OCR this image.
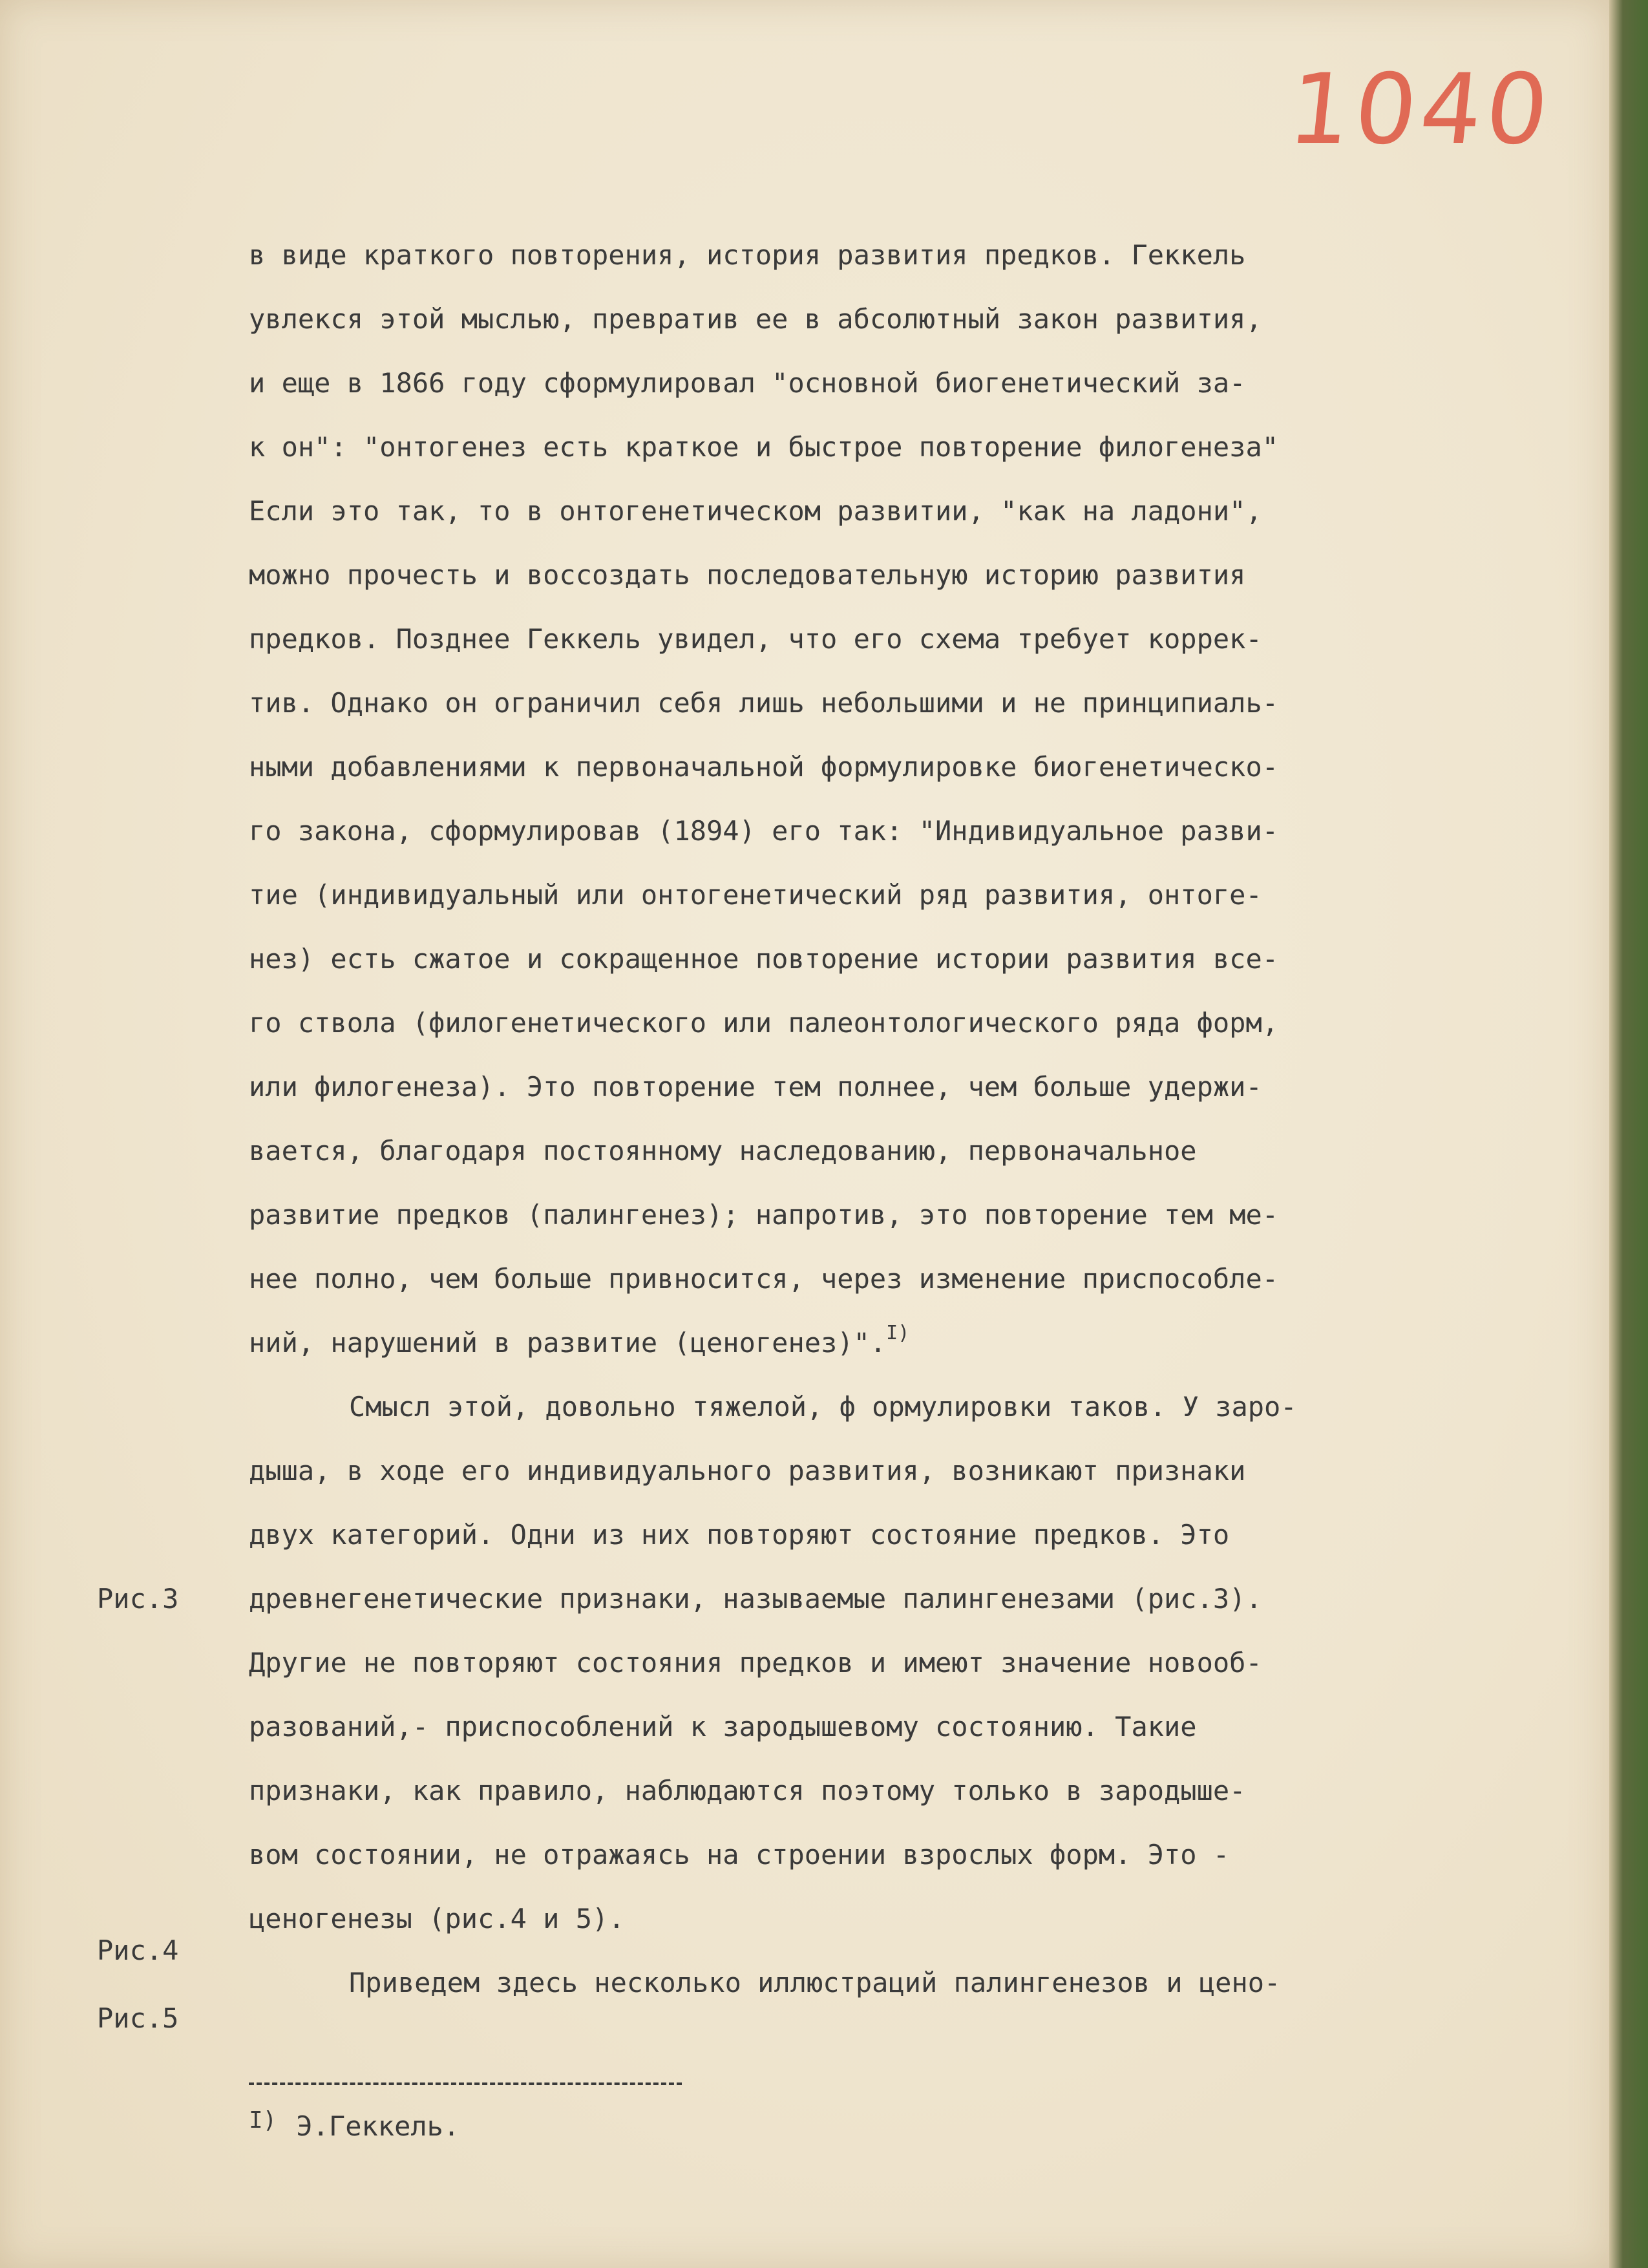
1040

в виде краткого повторения, история развития предков. Геккель

увлекся этой мыслью, превратив ее в абсолютный закон развития,

и еще в 1866 году сформулировал "основной биогенетический за-

к он": "онтогенез есть краткое и быстрое повторение филогенеза"

Если это так, то в онтогенетическом развитии, "как на ладони",

можно прочесть и воссоздать последовательную историю развития

предков. Позднее Геккель увидел, что его схема требует коррек-

тив. Однако он ограничил себя лишь небольшими и не принципиаль-

ными добавлениями к первоначальной формулировке биогенетическо-

го закона, сформулировав (1894) его так: "Индивидуальное разви-

тие (индивидуальный или онтогенетический ряд развития, онтоге-

нез) есть сжатое и сокращенное повторение истории развития все-

го ствола (филогенетического или палеонтологического ряда форм,

или филогенеза). Это повторение тем полнее, чем больше удержи-

вается, благодаря постоянному наследованию, первоначальное

развитие предков (палингенез); напротив, это повторение тем ме-

нее полно, чем больше привносится, через изменение приспособле-

ний, нарушений в развитие (ценогенез)".$^{I)}$

Смысл этой, довольно тяжелой, ф ормулировки таков. У заро-

дыша, в ходе его индивидуального развития, возникают признаки

двух категорий. Одни из них повторяют состояние предков. Это

древнегенетические признаки, называемые палингенезами (рис.3).

Другие не повторяют состояния предков и имеют значение новооб-

разований,- приспособлений к зародышевому состоянию. Такие

признаки, как правило, наблюдаются поэтому только в зародыше-

вом состоянии, не отражаясь на строении взрослых форм. Это -

ценогенезы (рис.4 и 5).

Приведем здесь несколько иллюстраций палингенезов и цено-

Рис.3
Рис.4
Рис.5
I) Э.Геккель.
